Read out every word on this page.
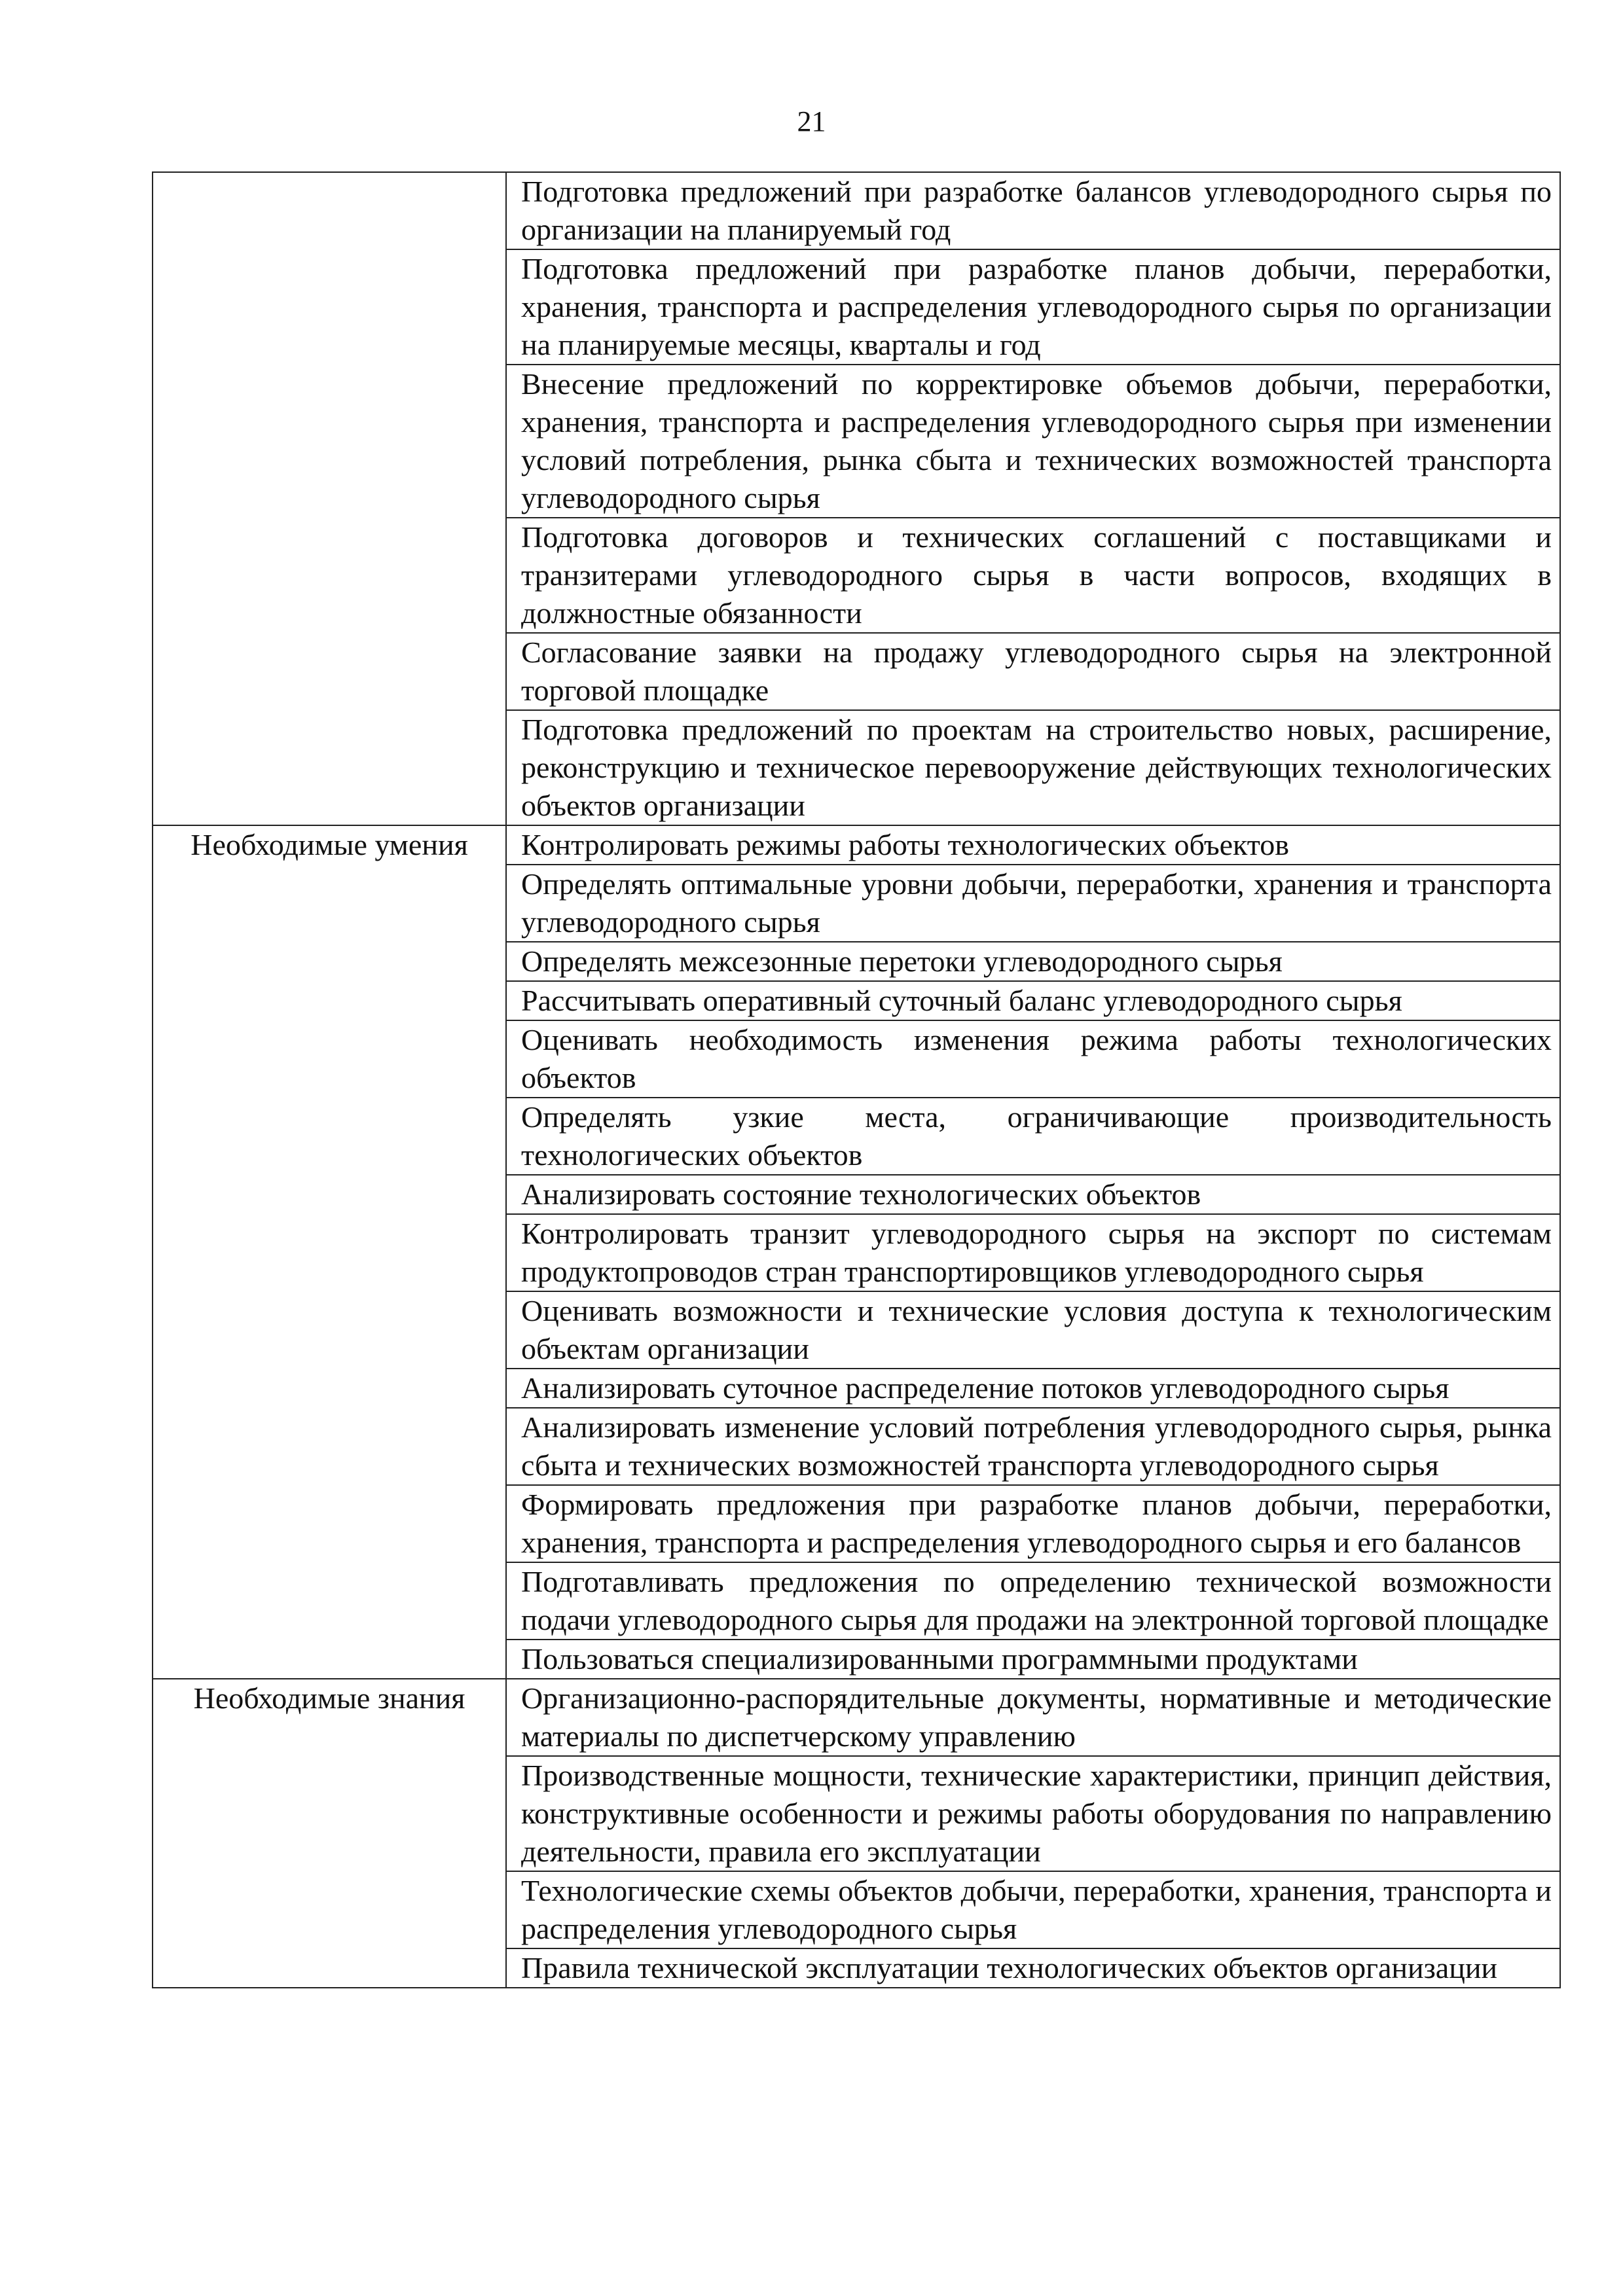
21
	Подготовка предложений при разработке балансов углеводородного сырья по организации на планируемый год
	Подготовка предложений при разработке планов добычи, переработки, хранения, транспорта и распределения углеводородного сырья по организации на планируемые месяцы, кварталы и год
	Внесение предложений по корректировке объемов добычи, переработки, хранения, транспорта и распределения углеводородного сырья при изменении условий потребления, рынка сбыта и технических возможностей транспорта углеводородного сырья
	Подготовка договоров и технических соглашений с поставщиками и транзитерами углеводородного сырья в части вопросов, входящих в должностные обязанности
	Согласование заявки на продажу углеводородного сырья на электронной торговой площадке
	Подготовка предложений по проектам на строительство новых, расширение, реконструкцию и техническое перевооружение действующих технологических объектов организации
Необходимые умения	Контролировать режимы работы технологических объектов
	Определять оптимальные уровни добычи, переработки, хранения и транспорта углеводородного сырья
	Определять межсезонные перетоки углеводородного сырья
	Рассчитывать оперативный суточный баланс углеводородного сырья
	Оценивать необходимость изменения режима работы технологических объектов
	Определять узкие места, ограничивающие производительность технологических объектов
	Анализировать состояние технологических объектов
	Контролировать транзит углеводородного сырья на экспорт по системам продуктопроводов стран транспортировщиков углеводородного сырья
	Оценивать возможности и технические условия доступа к технологическим объектам организации
	Анализировать суточное распределение потоков углеводородного сырья
	Анализировать изменение условий потребления углеводородного сырья, рынка сбыта и технических возможностей транспорта углеводородного сырья
	Формировать предложения при разработке планов добычи, переработки, хранения, транспорта и распределения углеводородного сырья и его балансов
	Подготавливать предложения по определению технической возможности подачи углеводородного сырья для продажи на электронной торговой площадке
	Пользоваться специализированными программными продуктами
Необходимые знания	Организационно-распорядительные документы, нормативные и методические материалы по диспетчерскому управлению
	Производственные мощности, технические характеристики, принцип действия, конструктивные особенности и режимы работы оборудования по направлению деятельности, правила его эксплуатации
	Технологические схемы объектов добычи, переработки, хранения, транспорта и распределения углеводородного сырья
	Правила технической эксплуатации технологических объектов организации
